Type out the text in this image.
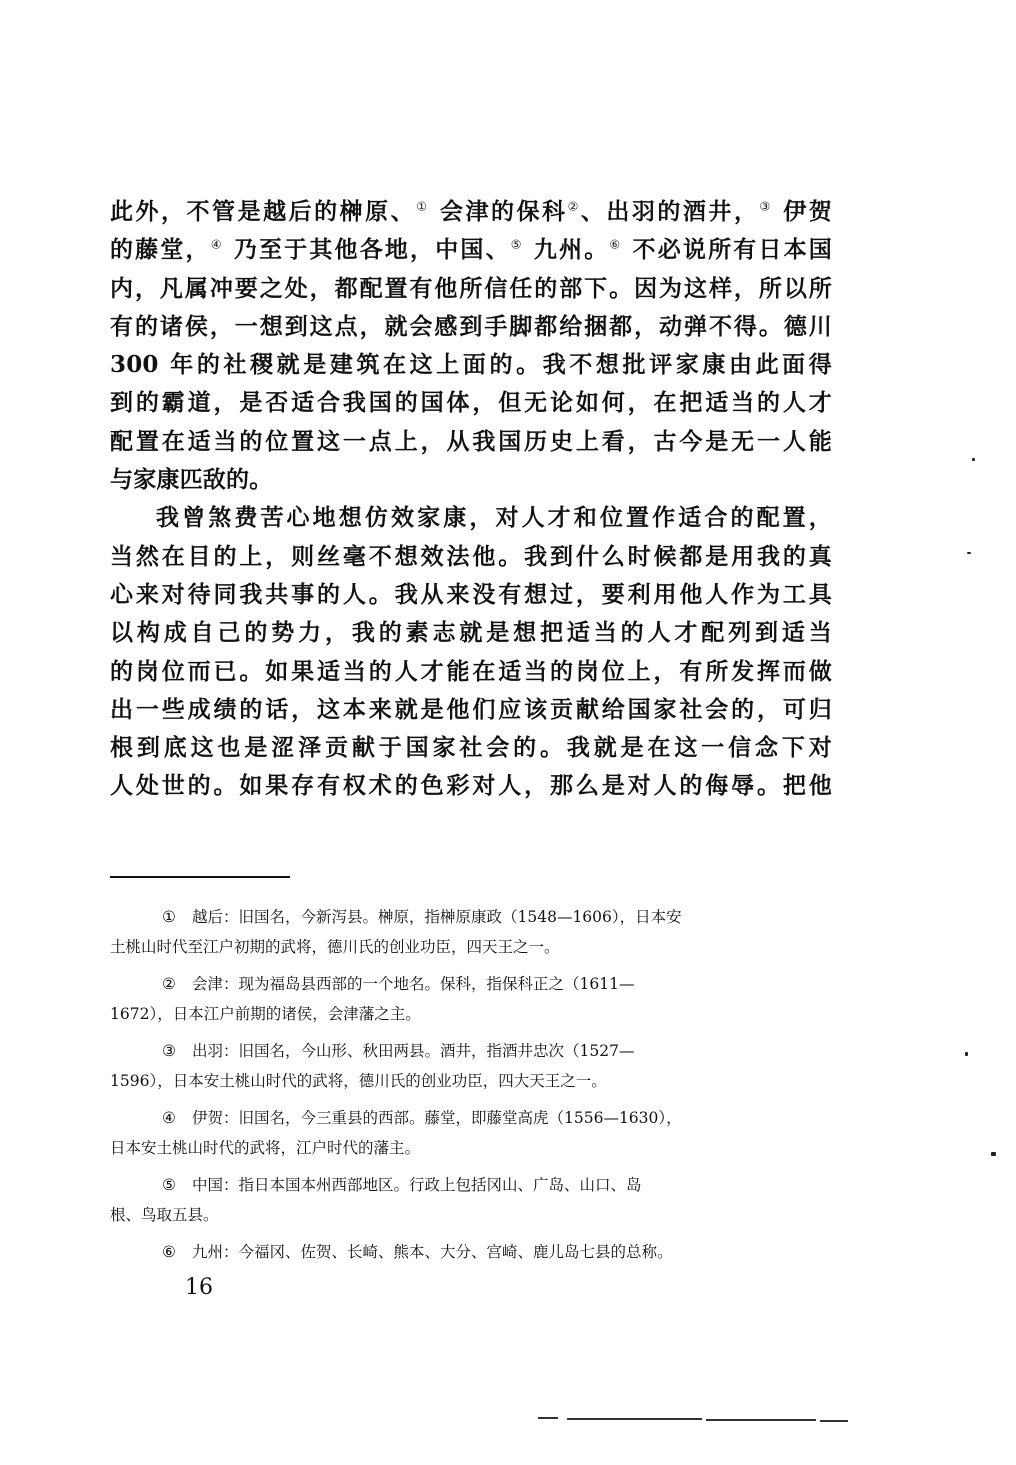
此外，不管是越后的榊原、① 会津的保科②、出羽的酒井，③ 伊贺
的藤堂，④ 乃至于其他各地，中国、⑤ 九州。⑥ 不必说所有日本国
内，凡属冲要之处，都配置有他所信任的部下。因为这样，所以所
有的诸侯，一想到这点，就会感到手脚都给捆都，动弹不得。德川
300 年的社稷就是建筑在这上面的。我不想批评家康由此面得
到的霸道，是否适合我国的国体，但无论如何，在把适当的人才
配置在适当的位置这一点上，从我国历史上看，古今是无一人能
与家康匹敌的。
我曾煞费苦心地想仿效家康，对人才和位置作适合的配置，
当然在目的上，则丝毫不想效法他。我到什么时候都是用我的真
心来对待同我共事的人。我从来没有想过，要利用他人作为工具
以构成自己的势力，我的素志就是想把适当的人才配列到适当
的岗位而已。如果适当的人才能在适当的岗位上，有所发挥而做
出一些成绩的话，这本来就是他们应该贡献给国家社会的，可归
根到底这也是涩泽贡献于国家社会的。我就是在这一信念下对
人处世的。如果存有权术的色彩对人，那么是对人的侮辱。把他
① 越后：旧国名，今新泻县。榊原，指榊原康政（1548—1606），日本安
土桃山时代至江户初期的武将，德川氏的创业功臣，四天王之一。
② 会津：现为福岛县西部的一个地名。保科，指保科正之（1611—
1672），日本江户前期的诸侯，会津藩之主。
③ 出羽：旧国名，今山形、秋田两县。酒井，指酒井忠次（1527—
1596），日本安土桃山时代的武将，德川氏的创业功臣，四大天王之一。
④ 伊贺：旧国名，今三重县的西部。藤堂，即藤堂高虎（1556—1630），
日本安土桃山时代的武将，江户时代的藩主。
⑤ 中国：指日本国本州西部地区。行政上包括冈山、广岛、山口、岛
根、鸟取五县。
⑥ 九州：今福冈、佐贺、长崎、熊本、大分、宫崎、鹿儿岛七县的总称。
16
